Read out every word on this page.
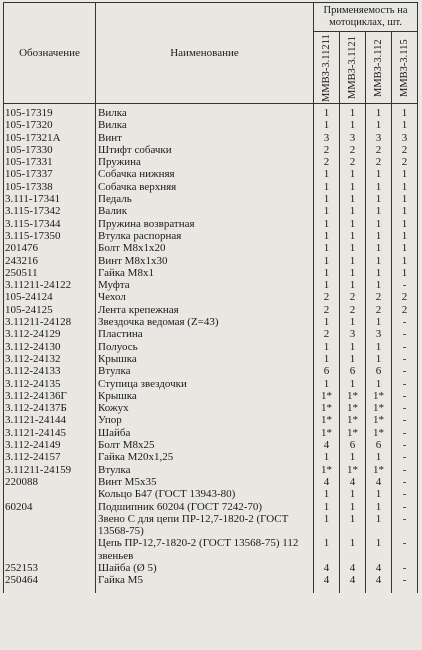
Обозначение	Наименование	Применяемость на мотоциклах, шт.			

		ММВЗ-3.11211	ММВЗ-3.1121	ММВЗ-3.112	ММВЗ-3.115

105-17319	Вилка	1	1	1	1
105-17320	Вилка	1	1	1	1
105-17321А	Винт	3	3	3	3
105-17330	Штифт собачки	2	2	2	2
105-17331	Пружина	2	2	2	2
105-17337	Собачка нижняя	1	1	1	1
105-17338	Собачка верхняя	1	1	1	1
3.111-17341	Педаль	1	1	1	1
3.115-17342	Валик	1	1	1	1
3.115-17344	Пружина возвратная	1	1	1	1
3.115-17350	Втулка распорная	1	1	1	1
201476	Болт М8х1х20	1	1	1	1
243216	Винт М8х1х30	1	1	1	1
250511	Гайка М8х1	1	1	1	1
3.11211-24122	Муфта	1	1	1	-
105-24124	Чехол	2	2	2	2
105-24125	Лента крепежная	2	2	2	2
3.11211-24128	Звездочка ведомая (Z=43)	1	1	1	-
3.112-24129	Пластина	2	3	3	-
3.112-24130	Полуось	1	1	1	-
3.112-24132	Крышка	1	1	1	-
3.112-24133	Втулка	6	6	6	-
3.112-24135	Ступица звездочки	1	1	1	-
3.112-24136Г	Крышка	1*	1*	1*	-
3.112-24137Б	Кожух	1*	1*	1*	-
3.1121-24144	Упор	1*	1*	1*	-
3.1121-24145	Шайба	1*	1*	1*	-
3.112-24149	Болт М8х25	4	6	6	-
3.112-24157	Гайка М20х1,25	1	1	1	-
3.11211-24159	Втулка	1*	1*	1*	-
220088	Винт М5х35	4	4	4	-
	Кольцо Б47 (ГОСТ 13943-80)	1	1	1	-
60204	Подшипник 60204 (ГОСТ 7242-70)	1	1	1	-
	Звено С для цепи ПР-12,7-1820-2 (ГОСТ 13568-75)	1	1	1	-
	Цепь ПР-12,7-1820-2 (ГОСТ 13568-75) 112 звеньев	1	1	1	-
252153	Шайба (Ø 5)	4	4	4	-
250464	Гайка М5	4	4	4	-
